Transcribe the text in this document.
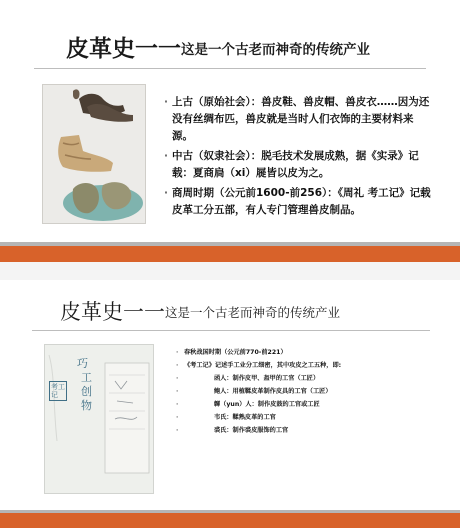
皮革史一一这是一个古老而神奇的传统产业
· 上古（原始社会）：兽皮鞋、兽皮帽、兽皮衣……因为还没有丝绸布匹，兽皮就是当时人们衣饰的主要材料来源。
· 中古（奴隶社会）：脱毛技术发展成熟，据《实录》记载：夏商扃（xi）屣皆以皮为之。
· 商周时期（公元前1600-前256）：《周礼 考工记》记载皮革工分五部，有人专门管理兽皮制品。
皮革史一一这是一个古老而神奇的传统产业
巧
工
创
物
考工记
· 春秋战国时期（公元前770-前221）
· 《考工记》记述手工业分工细密，其中攻皮之工五种，即:
· 函人：制作皮甲、盔甲的工官（工匠）
· 鲍人：用植鞣皮革制作皮具的工官（工匠）
· 韗（yun）人：制作皮鼓的工官或工匠
· 韦氏：鞣熟皮革的工官
· 裘氏：制作裘皮服饰的工官
